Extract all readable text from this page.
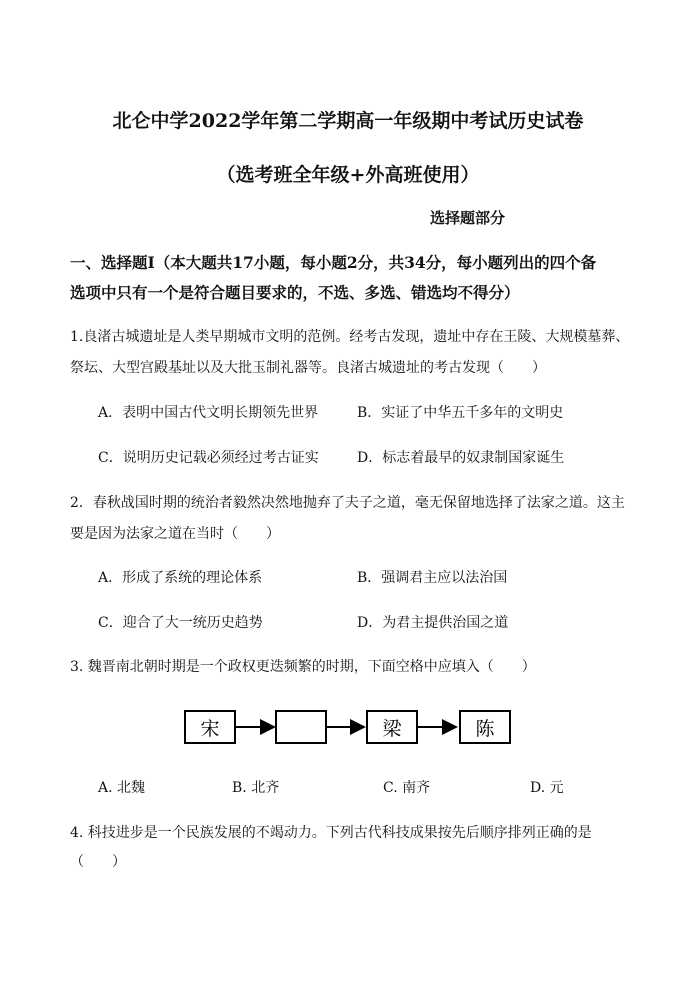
北仑中学2022学年第二学期高一年级期中考试历史试卷
（选考班全年级+外高班使用）
选择题部分
一、选择题Ⅰ（本大题共17小题，每小题2分，共34分，每小题列出的四个备
选项中只有一个是符合题目要求的，不选、多选、错选均不得分）
1.良渚古城遗址是人类早期城市文明的范例。经考古发现，遗址中存在王陵、大规模墓葬、
祭坛、大型宫殿基址以及大批玉制礼器等。良渚古城遗址的考古发现（　　）
A．表明中国古代文明长期领先世界	B．实证了中华五千多年的文明史
C．说明历史记载必须经过考古证实	D．标志着最早的奴隶制国家诞生
2．春秋战国时期的统治者毅然决然地抛弃了夫子之道，毫无保留地选择了法家之道。这主
要是因为法家之道在当时（　　）
A．形成了系统的理论体系	B．强调君主应以法治国
C．迎合了大一统历史趋势	D．为君主提供治国之道
3. 魏晋南北朝时期是一个政权更迭频繁的时期，下面空格中应填入（　　）
宋	梁	陈
A. 北魏	B. 北齐	C. 南齐	D. 元
4. 科技进步是一个民族发展的不竭动力。下列古代科技成果按先后顺序排列正确的是
（　　）
